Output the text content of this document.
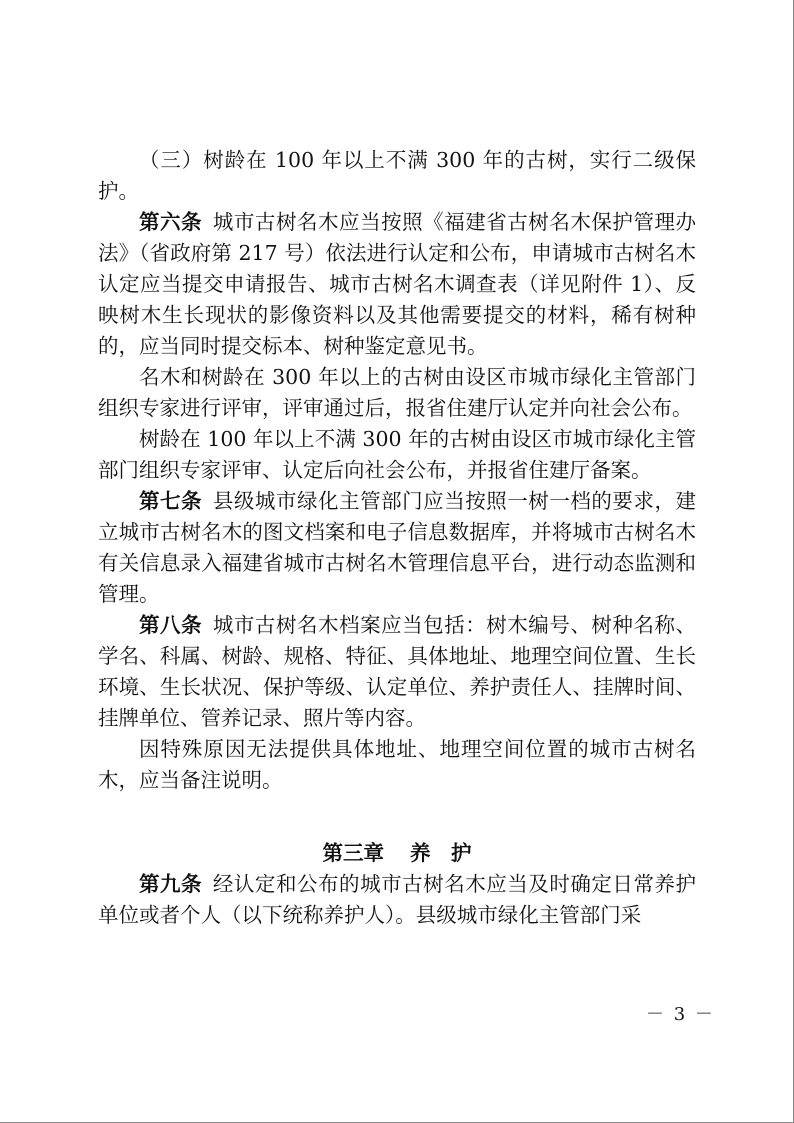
（三）树龄在 100 年以上不满 300 年的古树，实行二级保护。

第六条  城市古树名木应当按照《福建省古树名木保护管理办法》（省政府第 217 号）依法进行认定和公布，申请城市古树名木认定应当提交申请报告、城市古树名木调查表（详见附件 1）、反映树木生长现状的影像资料以及其他需要提交的材料，稀有树种的，应当同时提交标本、树种鉴定意见书。

名木和树龄在 300 年以上的古树由设区市城市绿化主管部门组织专家进行评审，评审通过后，报省住建厅认定并向社会公布。

树龄在 100 年以上不满 300 年的古树由设区市城市绿化主管部门组织专家评审、认定后向社会公布，并报省住建厅备案。

第七条  县级城市绿化主管部门应当按照一树一档的要求，建立城市古树名木的图文档案和电子信息数据库，并将城市古树名木有关信息录入福建省城市古树名木管理信息平台，进行动态监测和管理。

第八条  城市古树名木档案应当包括：树木编号、树种名称、学名、科属、树龄、规格、特征、具体地址、地理空间位置、生长环境、生长状况、保护等级、认定单位、养护责任人、挂牌时间、挂牌单位、管养记录、照片等内容。

因特殊原因无法提供具体地址、地理空间位置的城市古树名木，应当备注说明。

第三章 养　护

第九条  经认定和公布的城市古树名木应当及时确定日常养护单位或者个人（以下统称养护人）。县级城市绿化主管部门采

－ 3 －
